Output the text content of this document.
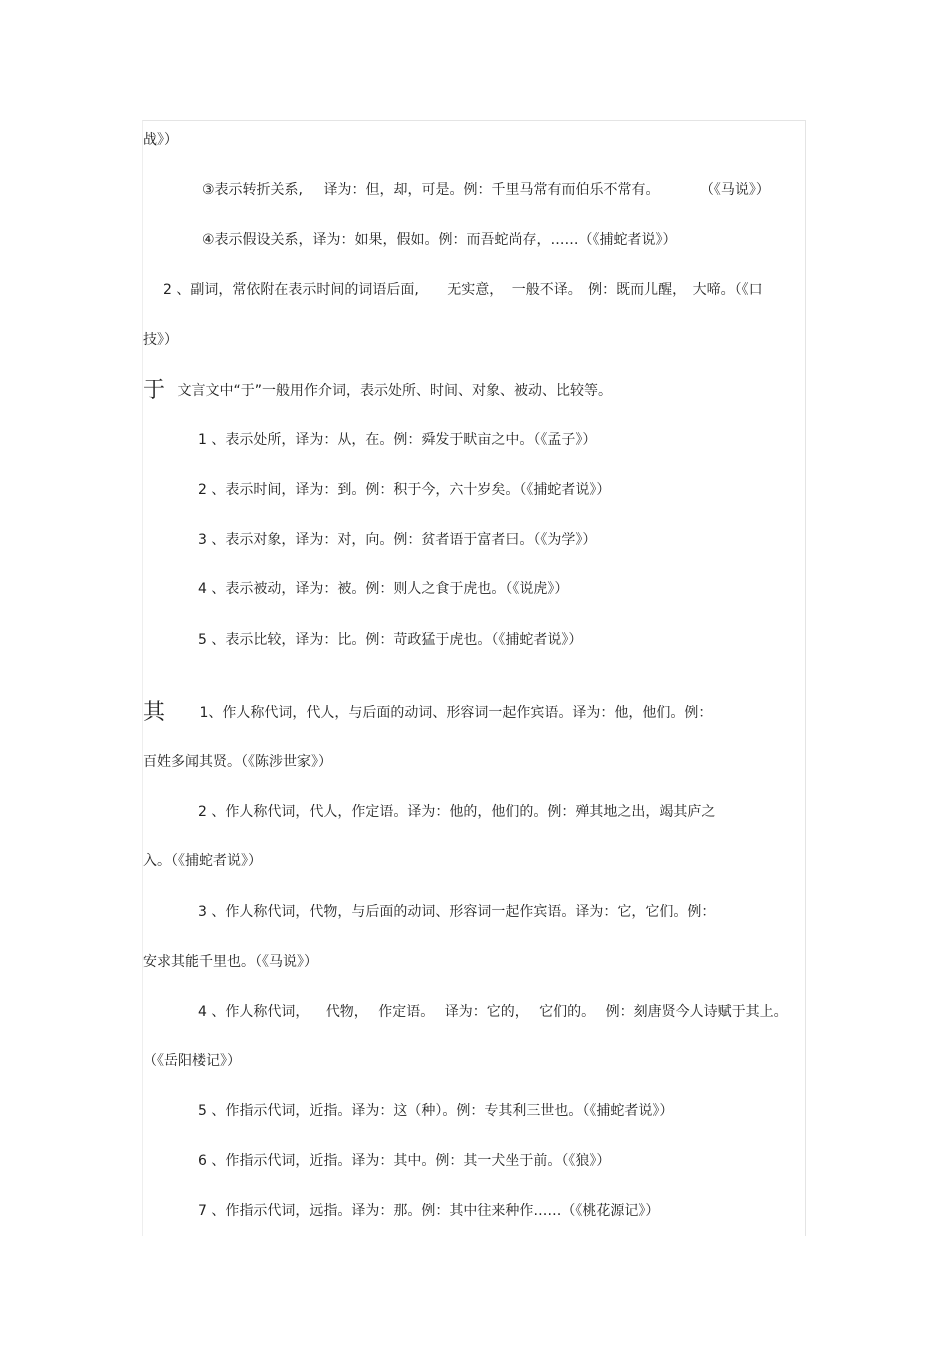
战》）
③表示转折关系, 译为：但，却，可是。例：千里马常有而伯乐不常有。	（《马说》）
④表示假设关系，译为：如果，假如。例：而吾蛇尚存，……（《捕蛇者说》）
2 、副词，常依附在表示时间的词语后面, 无实意， 一般不译。 例：既而儿醒， 大啼。（《口
技》）
于 文言文中“于”一般用作介词，表示处所、时间、对象、被动、比较等。
1 、表示处所，译为：从，在。例：舜发于畎亩之中。（《孟子》）
2 、表示时间，译为：到。例：积于今，六十岁矣。（《捕蛇者说》）
3 、表示对象，译为：对，向。例：贫者语于富者曰。（《为学》）
4 、表示被动，译为：被。例：则人之食于虎也。（《说虎》）
5 、表示比较，译为：比。例：苛政猛于虎也。（《捕蛇者说》）
其 1、作人称代词，代人，与后面的动词、形容词一起作宾语。译为：他，他们。例：
百姓多闻其贤。（《陈涉世家》）
2 、作人称代词，代人，作定语。译为：他的，他们的。例：殚其地之出，竭其庐之
入。（《捕蛇者说》）
3 、作人称代词，代物，与后面的动词、形容词一起作宾语。译为：它，它们。例：
安求其能千里也。（《马说》）
4 、作人称代词， 代物， 作定语。 译为：它的， 它们的。 例：刻唐贤今人诗赋于其上。
（《岳阳楼记》）
5 、作指示代词，近指。译为：这（种）。例：专其利三世也。（《捕蛇者说》）
6 、作指示代词，近指。译为：其中。例：其一犬坐于前。（《狼》）
7 、作指示代词，远指。译为：那。例：其中往来种作……（《桃花源记》）
